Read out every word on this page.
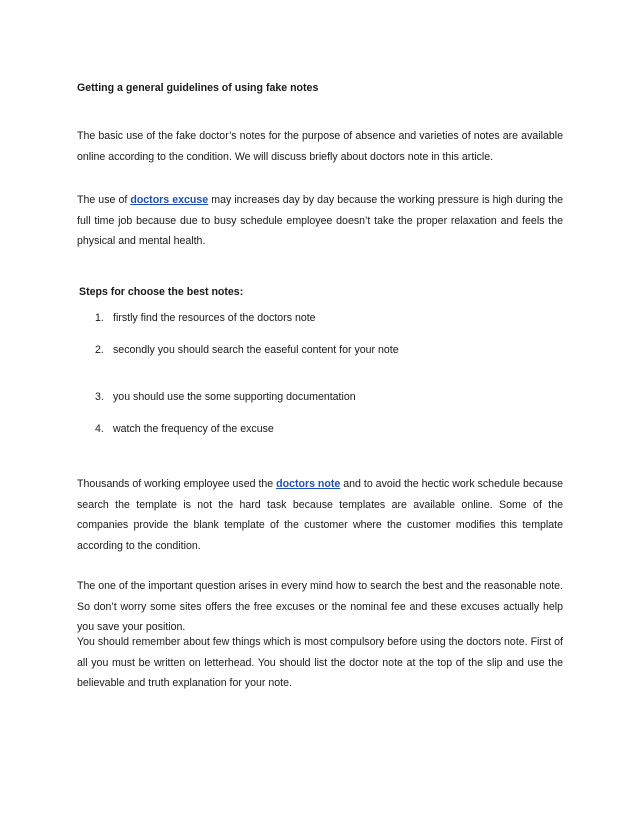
Getting a general guidelines of using fake notes

The basic use of the fake doctor’s notes for the purpose of absence and varieties of notes are available online according to the condition. We will discuss briefly about doctors note in this article.

The use of doctors excuse may increases day by day because the working pressure is high during the full time job because due to busy schedule employee doesn’t take the proper relaxation and feels the physical and mental health.

Steps for choose the best notes:

1. firstly find the resources of the doctors note
2. secondly you should search the easeful content for your note
3. you should use the some supporting documentation
4. watch the frequency of the excuse

Thousands of working employee used the doctors note and to avoid the hectic work schedule because search the template is not the hard task because templates are available online. Some of the companies provide the blank template of the customer where the customer modifies this template according to the condition.

The one of the important question arises in every mind how to search the best and the reasonable note. So don’t worry some sites offers the free excuses or the nominal fee and these excuses actually help you save your position.

You should remember about few things which is most compulsory before using the doctors note. First of all you must be written on letterhead. You should list the doctor note at the top of the slip and use the believable and truth explanation for your note.
